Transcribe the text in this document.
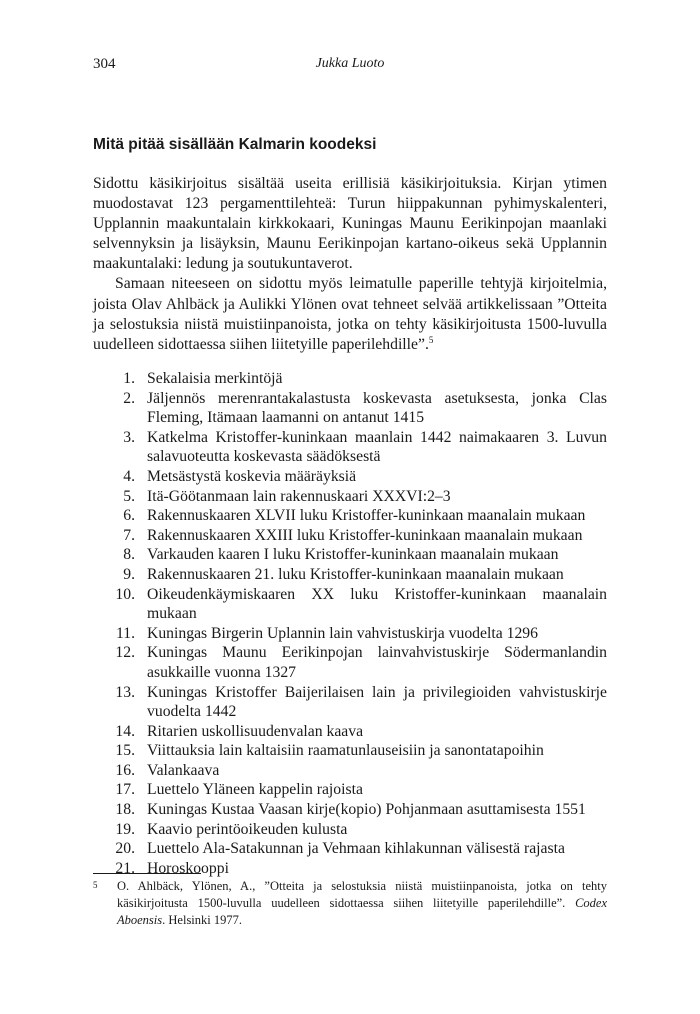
304	Jukka Luoto
Mitä pitää sisällään Kalmarin koodeksi

Sidottu käsikirjoitus sisältää useita erillisiä käsikirjoituksia. Kirjan ytimen muodostavat 123 pergamenttilehteä: Turun hiippakunnan pyhimyskalenteri, Upplannin maakuntalain kirkkokaari, Kuningas Maunu Eerikinpojan maanlaki selvennyksin ja lisäyksin, Maunu Eerikinpojan kartano-oikeus sekä Upplannin maakuntalaki: ledung ja soutukuntaverot.

Samaan niteeseen on sidottu myös leimatulle paperille tehtyjä kirjoitelmia, joista Olav Ahlbäck ja Aulikki Ylönen ovat tehneet selvää artikkelissaan ”Otteita ja selostuksia niistä muistiinpanoista, jotka on tehty käsikirjoitusta 1500-luvulla uudelleen sidottaessa siihen liitetyille paperilehdille”.$^5$

1. Sekalaisia merkintöjä
2. Jäljennös merenrantakalastusta koskevasta asetuksesta, jonka Clas Fleming, Itämaan laamanni on antanut 1415
3. Katkelma Kristoffer-kuninkaan maanlain 1442 naimakaaren 3. Luvun salavuoteutta koskevasta säädöksestä
4. Metsästystä koskevia määräyksiä
5. Itä-Göötanmaan lain rakennuskaari XXXVI:2–3
6. Rakennuskaaren XLVII luku Kristoffer-kuninkaan maanalain mukaan
7. Rakennuskaaren XXIII luku Kristoffer-kuninkaan maanalain mukaan
8. Varkauden kaaren I luku Kristoffer-kuninkaan maanalain mukaan
9. Rakennuskaaren 21. luku Kristoffer-kuninkaan maanalain mukaan
10. Oikeudenkäymiskaaren XX luku Kristoffer-kuninkaan maanalain mukaan
11. Kuningas Birgerin Uplannin lain vahvistuskirja vuodelta 1296
12. Kuningas Maunu Eerikinpojan lainvahvistuskirje Södermanlandin asukkaille vuonna 1327
13. Kuningas Kristoffer Baijerilaisen lain ja privilegioiden vahvistuskirje vuodelta 1442
14. Ritarien uskollisuudenvalan kaava
15. Viittauksia lain kaltaisiin raamatunlauseisiin ja sanontatapoihin
16. Valankaava
17. Luettelo Yläneen kappelin rajoista
18. Kuningas Kustaa Vaasan kirje(kopio) Pohjanmaan asuttamisesta 1551
19. Kaavio perintöoikeuden kulusta
20. Luettelo Ala-Satakunnan ja Vehmaan kihlakunnan välisestä rajasta
21. Horoskooppi
5	O. Ahlbäck, Ylönen, A., ”Otteita ja selostuksia niistä muistiinpanoista, jotka on tehty käsikirjoitusta 1500-luvulla uudelleen sidottaessa siihen liitetyille paperilehdille”. Codex Aboensis. Helsinki 1977.
